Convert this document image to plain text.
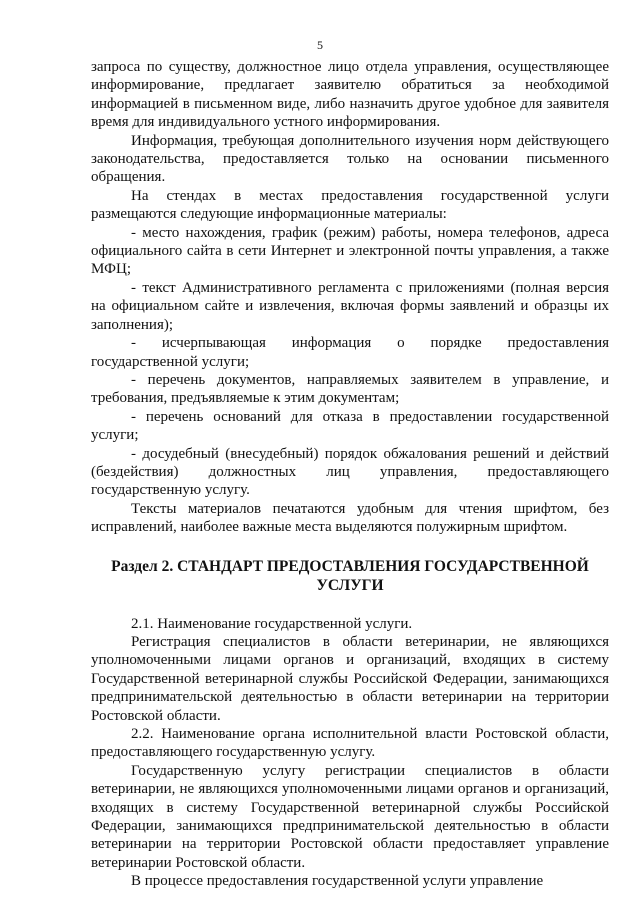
5

запроса по существу, должностное лицо отдела управления, осуществляющее информирование, предлагает заявителю обратиться за необходимой информацией в письменном виде, либо назначить другое удобное для заявителя время для индивидуального устного информирования.

Информация, требующая дополнительного изучения норм действующего законодательства, предоставляется только на основании письменного обращения.

На стендах в местах предоставления государственной услуги размещаются следующие информационные материалы:

- место нахождения, график (режим) работы, номера телефонов, адреса официального сайта в сети Интернет и электронной почты управления, а также МФЦ;

- текст Административного регламента с приложениями (полная версия на официальном сайте и извлечения, включая формы заявлений и образцы их заполнения);

- исчерпывающая информация о порядке предоставления государственной услуги;

- перечень документов, направляемых заявителем в управление, и требования, предъявляемые к этим документам;

- перечень оснований для отказа в предоставлении государственной услуги;

- досудебный (внесудебный) порядок обжалования решений и действий (бездействия) должностных лиц управления, предоставляющего государственную услугу.

Тексты материалов печатаются удобным для чтения шрифтом, без исправлений, наиболее важные места выделяются полужирным шрифтом.

Раздел 2. СТАНДАРТ ПРЕДОСТАВЛЕНИЯ ГОСУДАРСТВЕННОЙ УСЛУГИ

2.1. Наименование государственной услуги.

Регистрация специалистов в области ветеринарии, не являющихся уполномоченными лицами органов и организаций, входящих в систему Государственной ветеринарной службы Российской Федерации, занимающихся предпринимательской деятельностью в области ветеринарии на территории Ростовской области.

2.2. Наименование органа исполнительной власти Ростовской области, предоставляющего государственную услугу.

Государственную услугу регистрации специалистов в области ветеринарии, не являющихся уполномоченными лицами органов и организаций, входящих в систему Государственной ветеринарной службы Российской Федерации, занимающихся предпринимательской деятельностью в области ветеринарии на территории Ростовской области предоставляет управление ветеринарии Ростовской области.

В процессе предоставления государственной услуги управление
